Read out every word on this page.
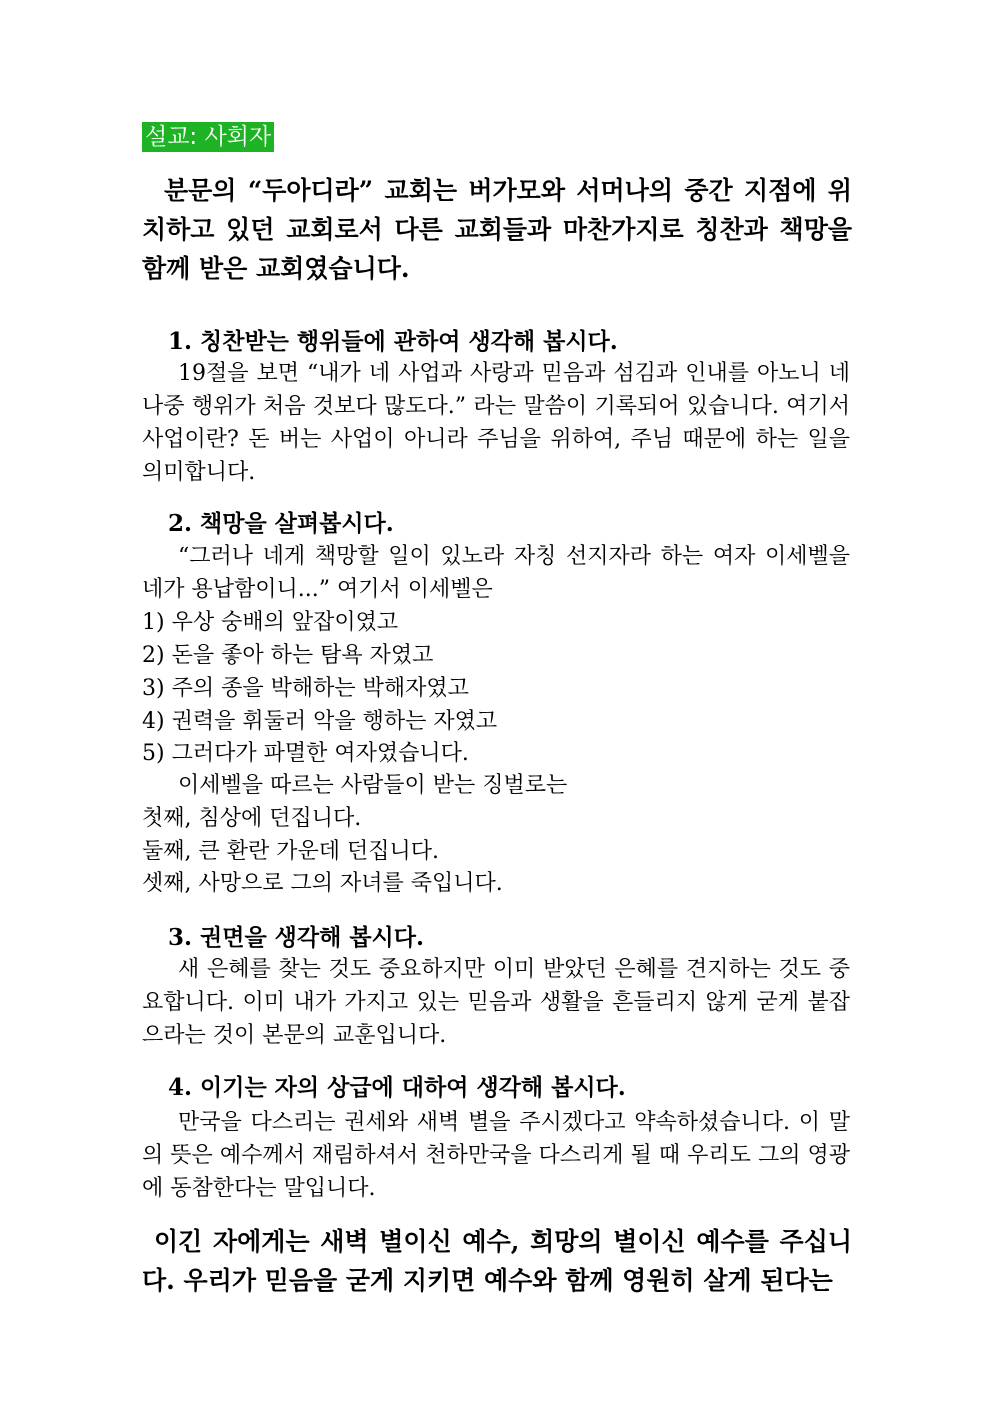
설교: 사회자

분문의 “두아디라” 교회는 버가모와 서머나의 중간 지점에 위치하고 있던 교회로서 다른 교회들과 마찬가지로 칭찬과 책망을 함께 받은 교회였습니다.

1. 칭찬받는 행위들에 관하여 생각해 봅시다.

19절을 보면 “내가 네 사업과 사랑과 믿음과 섬김과 인내를 아노니 네 나중 행위가 처음 것보다 많도다.” 라는 말씀이 기록되어 있습니다. 여기서 사업이란? 돈 버는 사업이 아니라 주님을 위하여, 주님 때문에 하는 일을 의미합니다.

2. 책망을 살펴봅시다.

“그러나 네게 책망할 일이 있노라 자칭 선지자라 하는 여자 이세벨을 네가 용납함이니...” 여기서 이세벨은

1) 우상 숭배의 앞잡이였고

2) 돈을 좋아 하는 탐욕 자였고

3) 주의 종을 박해하는 박해자였고

4) 권력을 휘둘러 악을 행하는 자였고

5) 그러다가 파멸한 여자였습니다.

이세벨을 따르는 사람들이 받는 징벌로는

첫째, 침상에 던집니다.

둘째, 큰 환란 가운데 던집니다.

셋째, 사망으로 그의 자녀를 죽입니다.

3. 권면을 생각해 봅시다.

새 은혜를 찾는 것도 중요하지만 이미 받았던 은혜를 견지하는 것도 중요합니다. 이미 내가 가지고 있는 믿음과 생활을 흔들리지 않게 굳게 붙잡으라는 것이 본문의 교훈입니다.

4. 이기는 자의 상급에 대하여 생각해 봅시다.

만국을 다스리는 권세와 새벽 별을 주시겠다고 약속하셨습니다. 이 말의 뜻은 예수께서 재림하셔서 천하만국을 다스리게 될 때 우리도 그의 영광에 동참한다는 말입니다.

이긴 자에게는 새벽 별이신 예수, 희망의 별이신 예수를 주십니다. 우리가 믿음을 굳게 지키면 예수와 함께 영원히 살게 된다는
